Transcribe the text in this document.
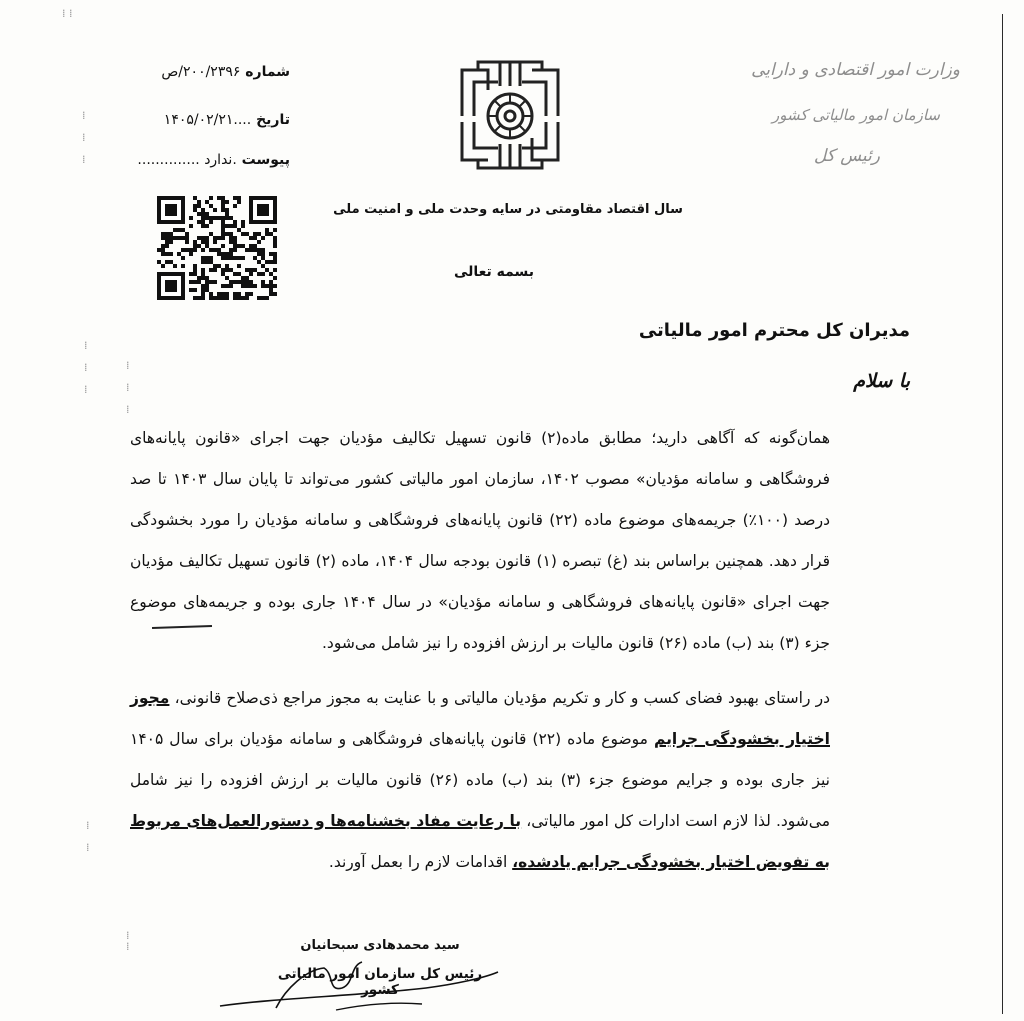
⁞ ⁞
⁞

⁞

⁞
⁞

⁞

⁞
⁞

⁞

⁞
⁞

⁞
⁞
⁞
شماره ۲۰۰/۲۳۹۶/ص
تاریخ ....۱۴۰۵/۰۲/۲۱
پیوست .ندارد ..............
وزارت امور اقتصادی و دارایی
سازمان امور مالیاتی کشور
رئیس کل
سال اقتصاد مقاومتی در سایه وحدت ملی و امنیت ملی
بسمه تعالی
مدیران کل محترم امور مالیاتی
با سلام
همان‌گونه که آگاهی دارید؛ مطابق ماده(۲) قانون تسهیل تکالیف مؤدیان جهت اجرای «قانون پایانه‌های فروشگاهی و سامانه مؤدیان» مصوب ۱۴۰۲، سازمان امور مالیاتی کشور می‌تواند تا پایان سال ۱۴۰۳ تا صد درصد (۱۰۰٪) جریمه‌های موضوع ماده (۲۲) قانون پایانه‌های فروشگاهی و سامانه مؤدیان را مورد بخشودگی قرار دهد. همچنین براساس بند (غ) تبصره (۱) قانون بودجه سال ۱۴۰۴، ماده (۲) قانون تسهیل تکالیف مؤدیان جهت اجرای «قانون پایانه‌های فروشگاهی و سامانه مؤدیان» در سال ۱۴۰۴ جاری بوده و جریمه‌های موضوع جزء (۳) بند (ب) ماده (۲۶) قانون مالیات بر ارزش افزوده را نیز شامل می‌شود.
در راستای بهبود فضای کسب و کار و تکریم مؤدیان مالیاتی و با عنایت به مجوز مراجع ذی‌صلاح قانونی، مجوز اختیار بخشودگی جرایم موضوع ماده (۲۲) قانون پایانه‌های فروشگاهی و سامانه مؤدیان برای سال ۱۴۰۵ نیز جاری بوده و جرایم موضوع جزء (۳) بند (ب) ماده (۲۶) قانون مالیات بر ارزش افزوده را نیز شامل می‌شود. لذا لازم است ادارات کل امور مالیاتی، با رعایت مفاد بخشنامه‌ها و دستورالعمل‌های مربوط به تفویض اختیار بخشودگی جرایم یادشده، اقدامات لازم را بعمل آورند.
سید محمدهادی سبحانیان
رئیس کل سازمان امور مالیاتی کشور
